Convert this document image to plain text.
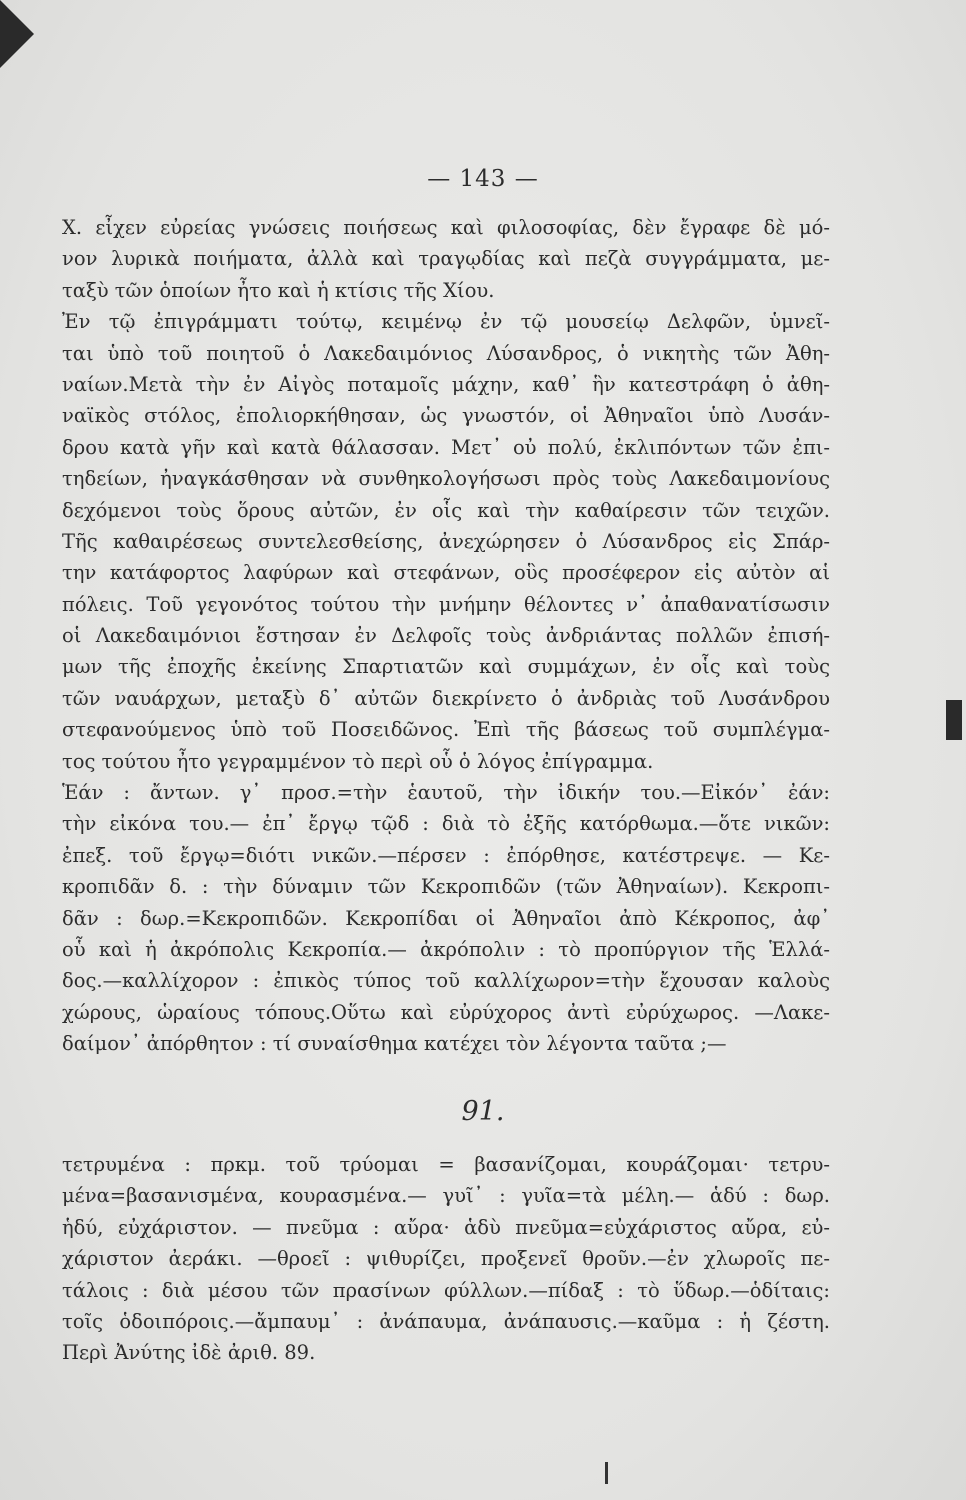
— 143 —
Χ. εἶχεν εὐρείας γνώσεις ποιήσεως καὶ φιλοσοφίας, δὲν ἔγραφε δὲ μό-
νον λυρικὰ ποιήματα, ἀλλὰ καὶ τραγῳδίας καὶ πεζὰ συγγράμματα, με-
ταξὺ τῶν ὁποίων ἦτο καὶ ἡ κτίσις τῆς Χίου.
Ἐν τῷ ἐπιγράμματι τούτῳ, κειμένῳ ἐν τῷ μουσείῳ Δελφῶν, ὑμνεῖ-
ται ὑπὸ τοῦ ποιητοῦ ὁ Λακεδαιμόνιος Λύσανδρος, ὁ νικητὴς τῶν Ἀθη-
ναίων.Μετὰ τὴν ἐν Αἰγὸς ποταμοῖς μάχην, καθ᾽ ἣν κατεστράφη ὁ ἀθη-
ναϊκὸς στόλος, ἐπολιορκήθησαν, ὡς γνωστόν, οἱ Ἀθηναῖοι ὑπὸ Λυσάν-
δρου κατὰ γῆν καὶ κατὰ θάλασσαν. Μετ᾽ οὐ πολύ, ἐκλιπόντων τῶν ἐπι-
τηδείων, ἠναγκάσθησαν νὰ συνθηκολογήσωσι πρὸς τοὺς Λακεδαιμονίους
δεχόμενοι τοὺς ὅρους αὐτῶν, ἐν οἷς καὶ τὴν καθαίρεσιν τῶν τειχῶν.
Τῆς καθαιρέσεως συντελεσθείσης, ἀνεχώρησεν ὁ Λύσανδρος εἰς Σπάρ-
την κατάφορτος λαφύρων καὶ στεφάνων, οὓς προσέφερον εἰς αὐτὸν αἱ
πόλεις. Τοῦ γεγονότος τούτου τὴν μνήμην θέλοντες ν᾽ ἀπαθανατίσωσιν
οἱ Λακεδαιμόνιοι ἔστησαν ἐν Δελφοῖς τοὺς ἀνδριάντας πολλῶν ἐπισή-
μων τῆς ἐποχῆς ἐκείνης Σπαρτιατῶν καὶ συμμάχων, ἐν οἷς καὶ τοὺς
τῶν ναυάρχων, μεταξὺ δ᾽ αὐτῶν διεκρίνετο ὁ ἀνδριὰς τοῦ Λυσάνδρου
στεφανούμενος ὑπὸ τοῦ Ποσειδῶνος. Ἐπὶ τῆς βάσεως τοῦ συμπλέγμα-
τος τούτου ἦτο γεγραμμένον τὸ περὶ οὗ ὁ λόγος ἐπίγραμμα.
Ἑάν : ἄντων. γ᾽ προσ.=τὴν ἑαυτοῦ, τὴν ἰδικήν του.—Εἰκόν᾽ ἐάν:
τὴν εἰκόνα του.— ἐπ᾽ ἔργῳ τῷδ : διὰ τὸ ἐξῆς κατόρθωμα.—ὅτε νικῶν:
ἐπεξ. τοῦ ἔργῳ=διότι νικῶν.—πέρσεν : ἐπόρθησε, κατέστρεψε. — Κε-
κροπιδᾶν δ. : τὴν δύναμιν τῶν Κεκροπιδῶν (τῶν Ἀθηναίων). Κεκροπι-
δᾶν : δωρ.=Κεκροπιδῶν. Κεκροπίδαι οἱ Ἀθηναῖοι ἀπὸ Κέκροπος, ἀφ᾽
οὗ καὶ ἡ ἀκρόπολις Κεκροπία.— ἀκρόπολιν : τὸ προπύργιον τῆς Ἑλλά-
δος.—καλλίχορον : ἐπικὸς τύπος τοῦ καλλίχωρον=τὴν ἔχουσαν καλοὺς
χώρους, ὡραίους τόπους.Οὕτω καὶ εὐρύχορος ἀντὶ εὐρύχωρος. —Λακε-
δαίμον᾽ ἀπόρθητον : τί συναίσθημα κατέχει τὸν λέγοντα ταῦτα ;—
91.
τετρυμένα : πρκμ. τοῦ τρύομαι = βασανίζομαι, κουράζομαι· τετρυ-
μένα=βασανισμένα, κουρασμένα.— γυῖ᾽ : γυῖα=τὰ μέλη.— ἁδύ : δωρ.
ἡδύ, εὐχάριστον. — πνεῦμα : αὔρα· ἁδὺ πνεῦμα=εὐχάριστος αὔρα, εὐ-
χάριστον ἀεράκι. —θροεῖ : ψιθυρίζει, προξενεῖ θροῦν.—ἐν χλωροῖς πε-
τάλοις : διὰ μέσου τῶν πρασίνων φύλλων.—πίδαξ : τὸ ὕδωρ.—ὁδίταις:
τοῖς ὁδοιπόροις.—ἄμπαυμ᾽ : ἀνάπαυμα, ἀνάπαυσις.—καῦμα : ἡ ζέστη.
Περὶ Ἀνύτης ἰδὲ ἀριθ. 89.
